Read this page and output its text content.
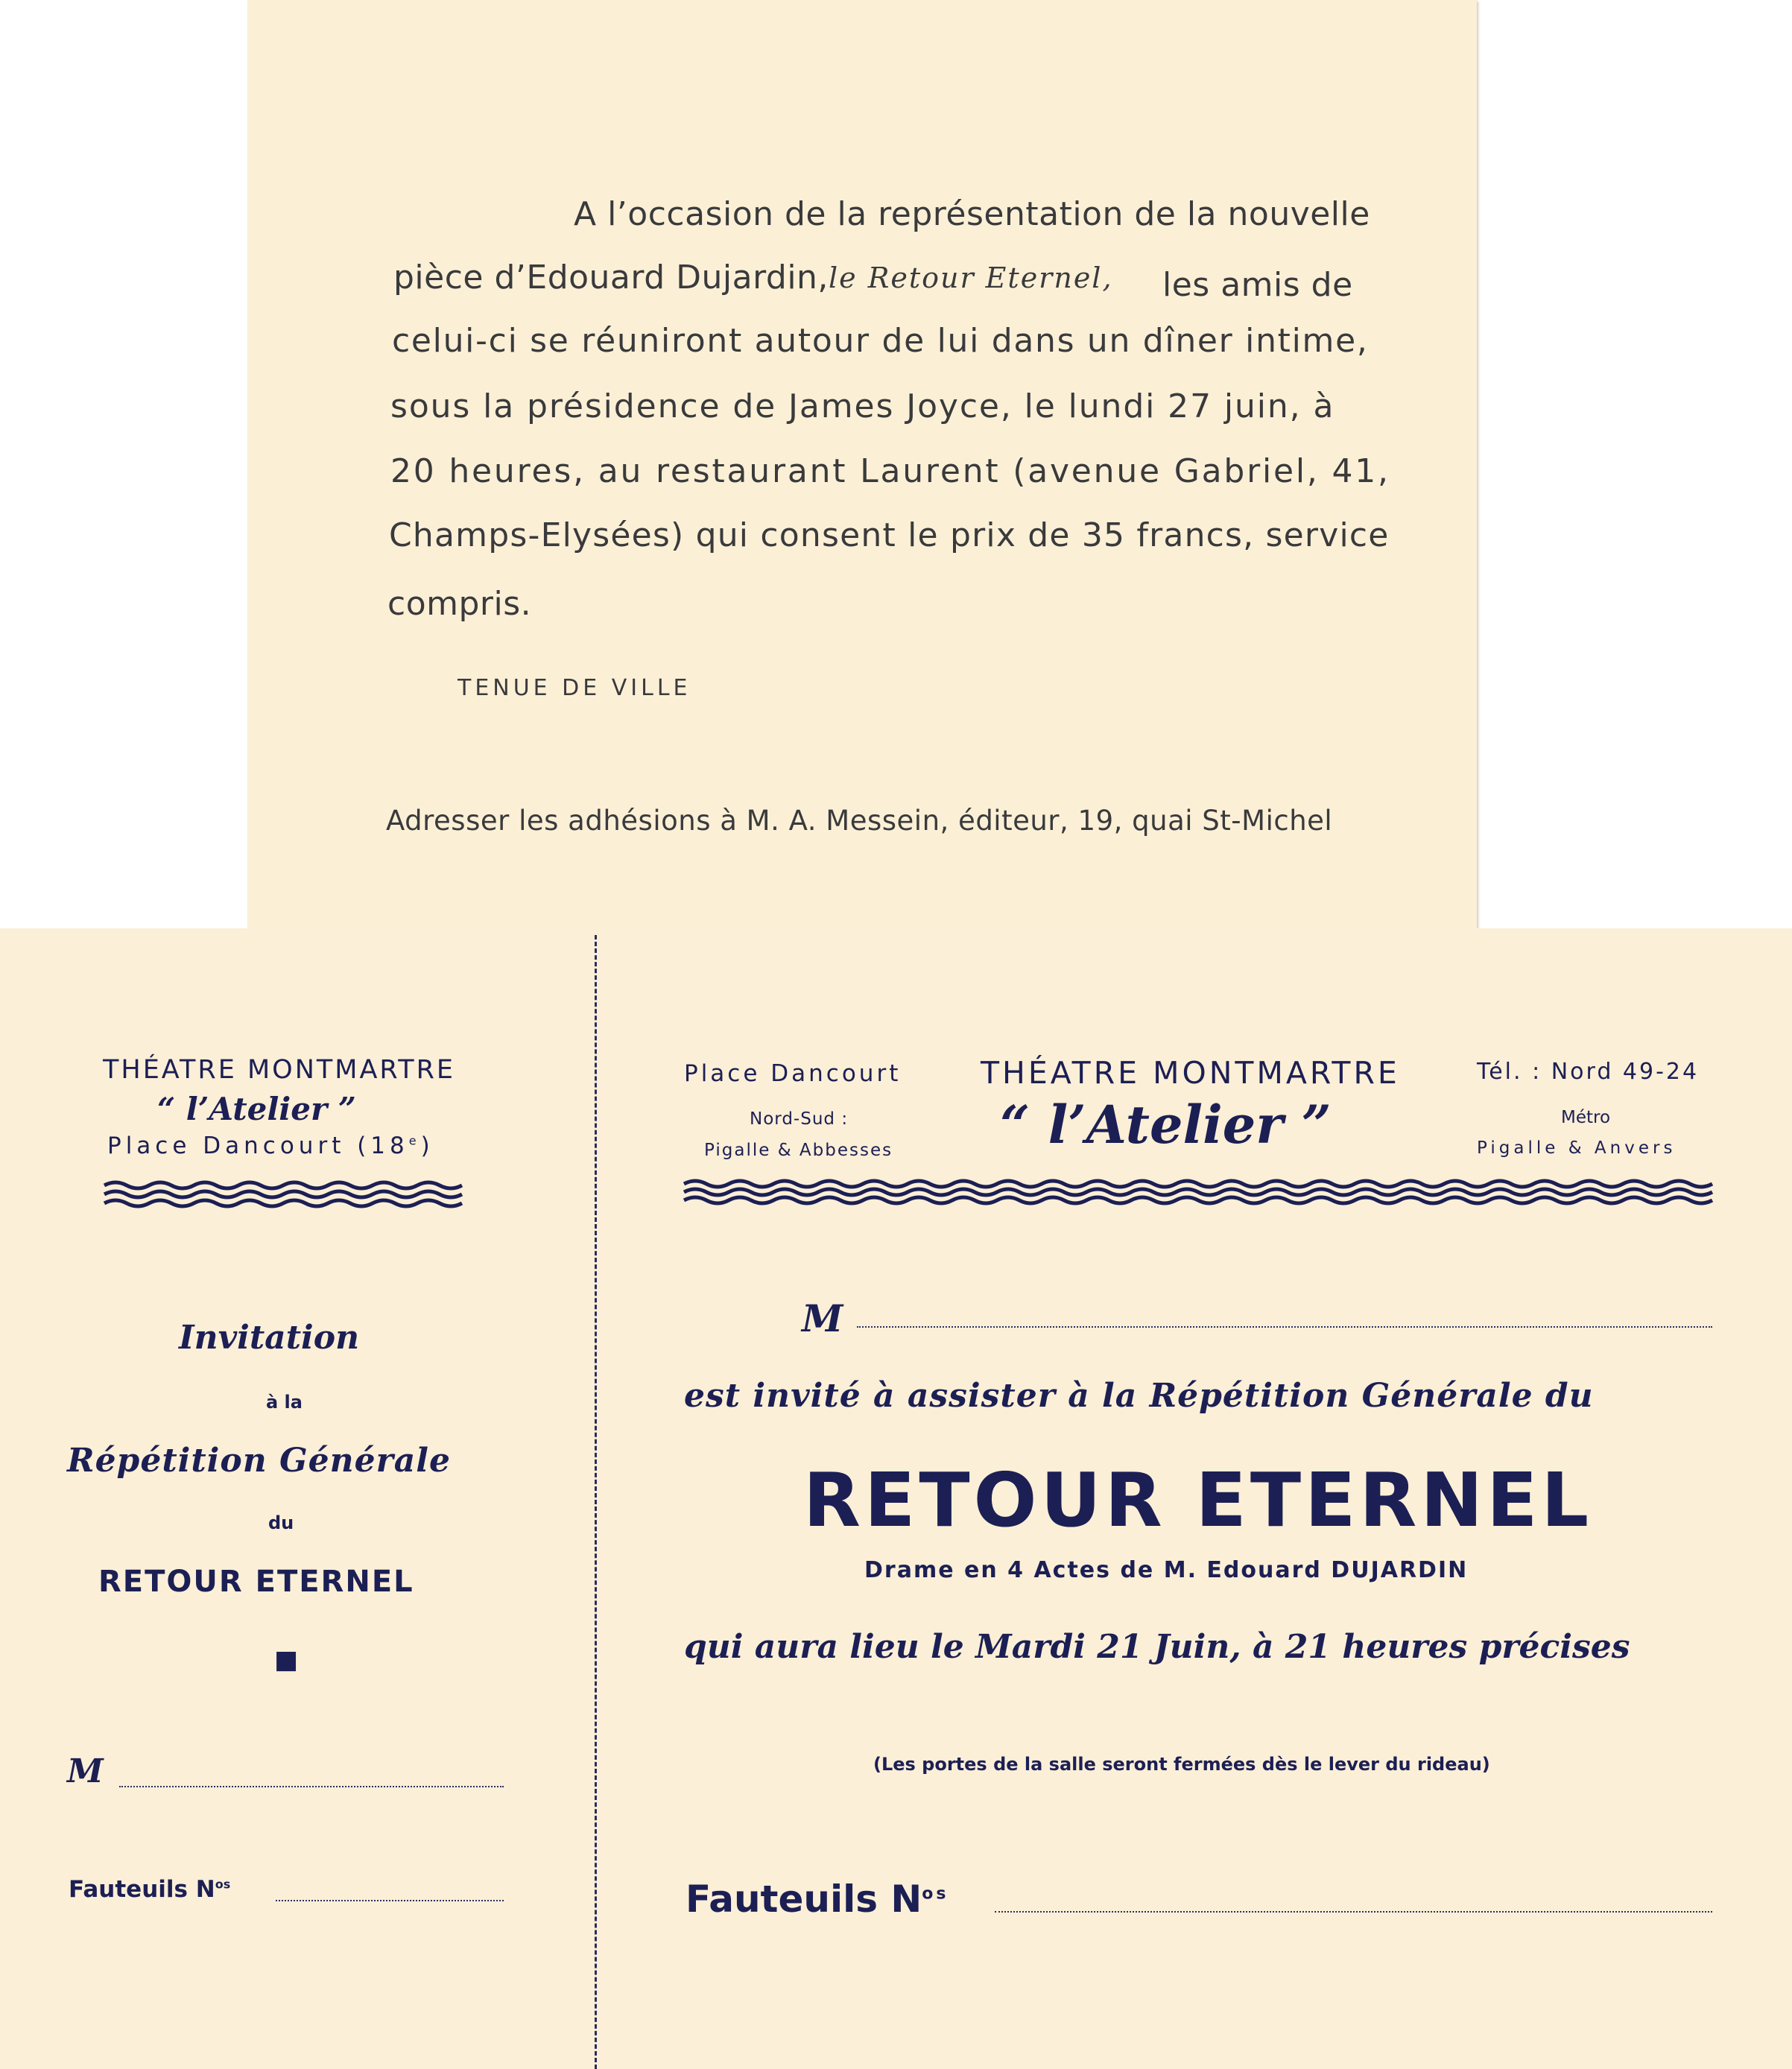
A l’occasion de la représentation de la nouvelle
pièce d’Edouard Dujardin, le Retour Eternel, les amis de
celui-ci se réuniront autour de lui dans un dîner intime,
sous la présidence de James Joyce, le lundi 27 juin, à
20 heures, au restaurant Laurent (avenue Gabriel, 41,
Champs-Elysées) qui consent le prix de 35 francs, service
compris.
TENUE DE VILLE
Adresser les adhésions à M. A. Messein, éditeur, 19, quai St-Michel
THÉATRE MONTMARTRE
“ l’Atelier ”
Place Dancourt (18e)
Invitation
à la
Répétition Générale
du
RETOUR ETERNEL
■
M
Fauteuils $N^{os}$
Place Dancourt
Nord-Sud :
Pigalle & Abbesses
THÉATRE MONTMARTRE
“ l’Atelier ”
Tél. : Nord 49-24
Métro
Pigalle & Anvers
M
est invité à assister à la Répétition Générale du
RETOUR ETERNEL
Drame en 4 Actes de M. Edouard DUJARDIN
qui aura lieu le Mardi 21 Juin, à 21 heures précises
(Les portes de la salle seront fermées dès le lever du rideau)
Fauteuils $N^{os}$
